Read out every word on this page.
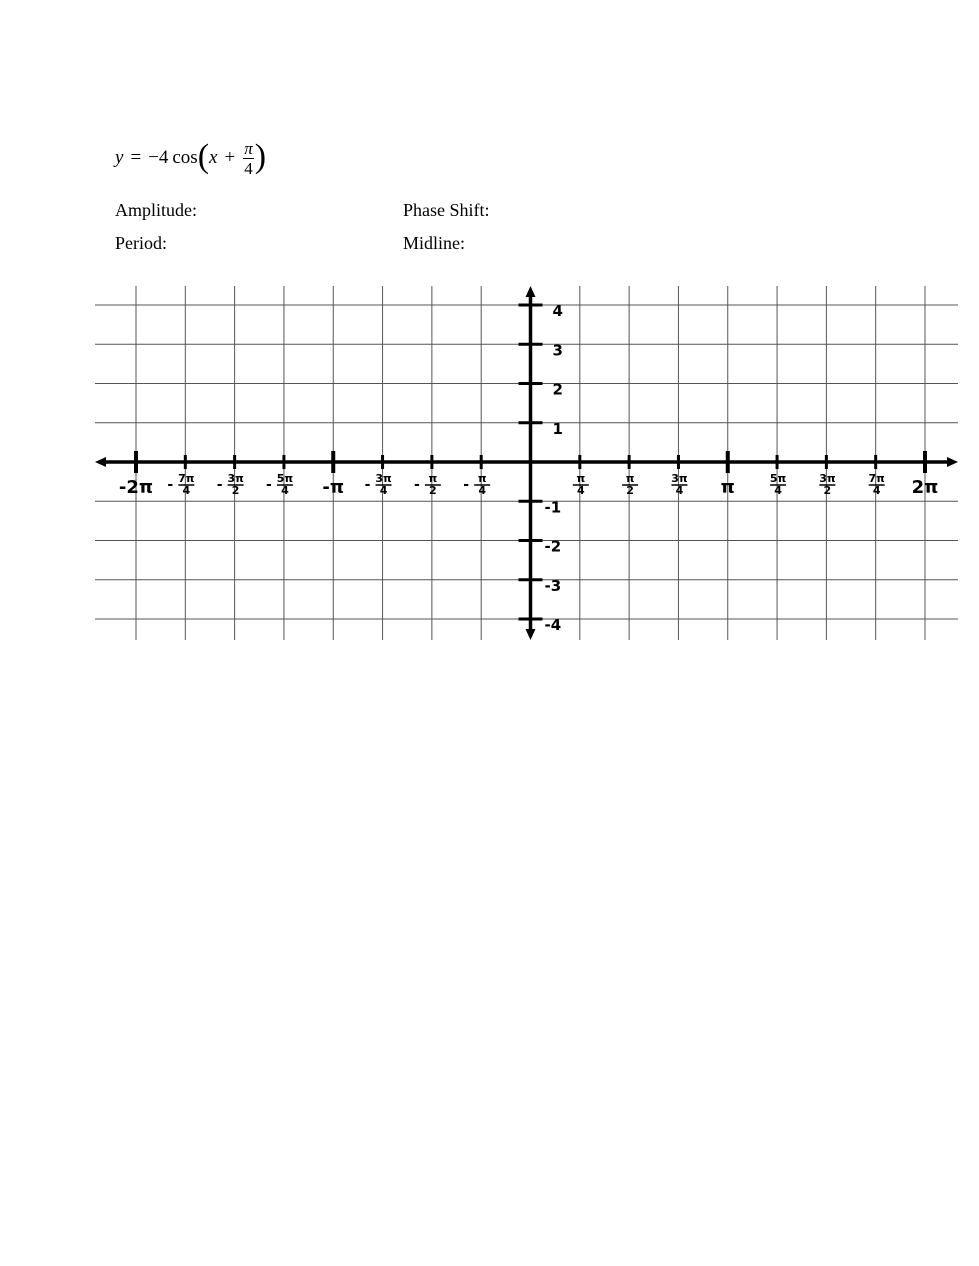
y = −4 cos ( $x + \frac{\pi}{4}$ )
Amplitude:	Phase Shift:
Period:	Midline:
-2π 7π
4
-	3π
2
-	5π
4
-	-π	3π
4
-	π
2
-	π
4
-	π
4
π
2
3π
4 π	5π
4
3π
2
7π
4 2π
4
3
2
1
-1
-2
-3
-4
